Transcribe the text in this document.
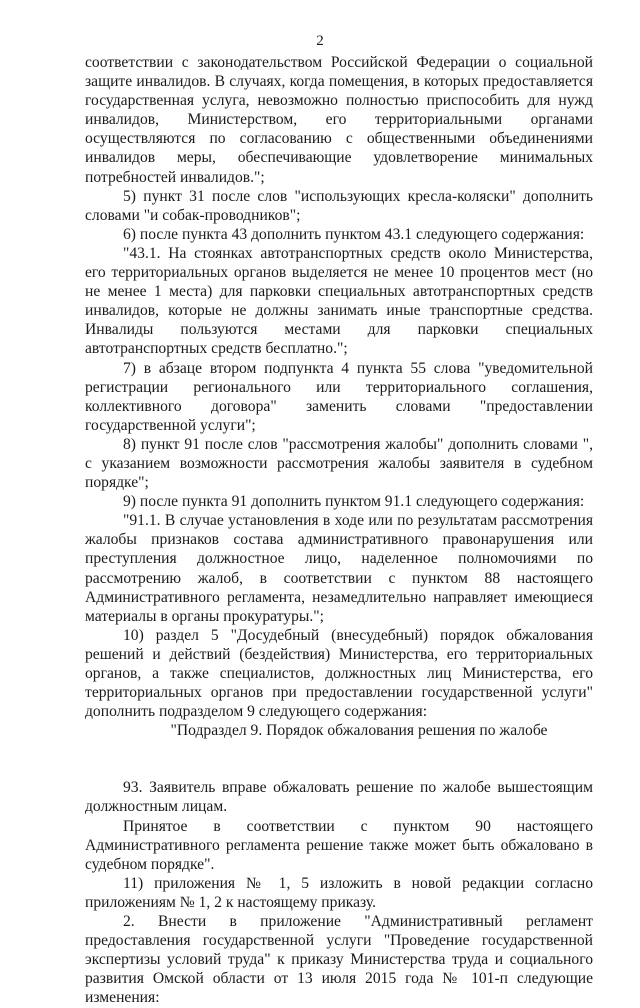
2

соответствии с законодательством Российской Федерации о социальной защите инвалидов. В случаях, когда помещения, в которых предоставляется государственная услуга, невозможно полностью приспособить для нужд инвалидов, Министерством, его территориальными органами осуществляются по согласованию с общественными объединениями инвалидов меры, обеспечивающие удовлетворение минимальных потребностей инвалидов.";

5) пункт 31 после слов "использующих кресла-коляски" дополнить словами "и собак-проводников";

6) после пункта 43 дополнить пунктом 43.1 следующего содержания:

"43.1. На стоянках автотранспортных средств около Министерства, его территориальных органов выделяется не менее 10 процентов мест (но не менее 1 места) для парковки специальных автотранспортных средств инвалидов, которые не должны занимать иные транспортные средства. Инвалиды пользуются местами для парковки специальных автотранспортных средств бесплатно.";

7) в абзаце втором подпункта 4 пункта 55 слова "уведомительной регистрации регионального или территориального соглашения, коллективного договора" заменить словами "предоставлении государственной услуги";

8) пункт 91 после слов "рассмотрения жалобы" дополнить словами ", с указанием возможности рассмотрения жалобы заявителя в судебном порядке";

9) после пункта 91 дополнить пунктом 91.1 следующего содержания:

"91.1. В случае установления в ходе или по результатам рассмотрения жалобы признаков состава административного правонарушения или преступления должностное лицо, наделенное полномочиями по рассмотрению жалоб, в соответствии с пунктом 88 настоящего Административного регламента, незамедлительно направляет имеющиеся материалы в органы прокуратуры.";

10) раздел 5 "Досудебный (внесудебный) порядок обжалования решений и действий (бездействия) Министерства, его территориальных органов, а также специалистов, должностных лиц Министерства, его территориальных органов при предоставлении государственной услуги" дополнить подразделом 9 следующего содержания:

"Подраздел 9. Порядок обжалования решения по жалобе

93. Заявитель вправе обжаловать решение по жалобе вышестоящим должностным лицам.

Принятое в соответствии с пунктом 90 настоящего Административного регламента решение также может быть обжаловано в судебном порядке".

11) приложения № 1, 5 изложить в новой редакции согласно приложениям № 1, 2 к настоящему приказу.

2. Внести в приложение "Административный регламент предоставления государственной услуги "Проведение государственной экспертизы условий труда" к приказу Министерства труда и социального развития Омской области от 13 июля 2015 года № 101-п следующие изменения:
